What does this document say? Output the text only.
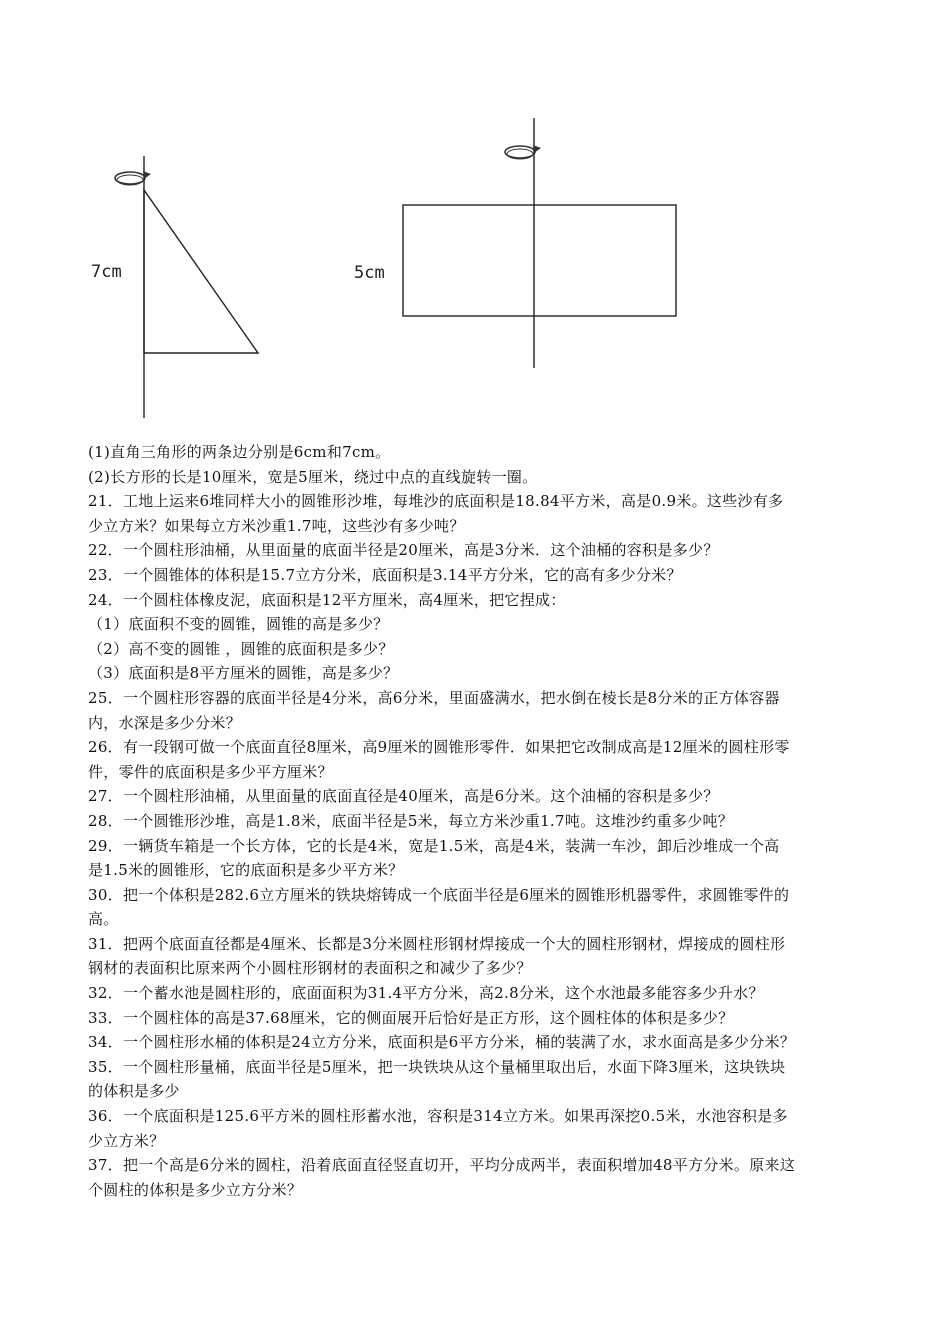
7cm	5cm

(1)直角三角形的两条边分别是6cm和7cm。

(2)长方形的长是10厘米，宽是5厘米，绕过中点的直线旋转一圈。

21．工地上运来6堆同样大小的圆锥形沙堆，每堆沙的底面积是18.84平方米，高是0.9米。这些沙有多

少立方米？如果每立方米沙重1.7吨，这些沙有多少吨？

22．一个圆柱形油桶，从里面量的底面半径是20厘米，高是3分米．这个油桶的容积是多少？

23．一个圆锥体的体积是15.7立方分米，底面积是3.14平方分米，它的高有多少分米？

24．一个圆柱体橡皮泥，底面积是12平方厘米，高4厘米，把它捏成：

（1）底面积不变的圆锥，圆锥的高是多少？

（2）高不变的圆锥 ，圆锥的底面积是多少？

（3）底面积是8平方厘米的圆锥，高是多少？

25．一个圆柱形容器的底面半径是4分米，高6分米，里面盛满水，把水倒在棱长是8分米的正方体容器

内，水深是多少分米？

26．有一段钢可做一个底面直径8厘米，高9厘米的圆锥形零件．如果把它改制成高是12厘米的圆柱形零

件，零件的底面积是多少平方厘米？

27．一个圆柱形油桶，从里面量的底面直径是40厘米，高是6分米。这个油桶的容积是多少？

28．一个圆锥形沙堆，高是1.8米，底面半径是5米，每立方米沙重1.7吨。这堆沙约重多少吨？

29．一辆货车箱是一个长方体，它的长是4米，宽是1.5米，高是4米，装满一车沙，卸后沙堆成一个高

是1.5米的圆锥形，它的底面积是多少平方米？

30．把一个体积是282.6立方厘米的铁块熔铸成一个底面半径是6厘米的圆锥形机器零件，求圆锥零件的

高。

31．把两个底面直径都是4厘米、长都是3分米圆柱形钢材焊接成一个大的圆柱形钢材，焊接成的圆柱形

钢材的表面积比原来两个小圆柱形钢材的表面积之和减少了多少？

32．一个蓄水池是圆柱形的，底面面积为31.4平方分米，高2.8分米，这个水池最多能容多少升水？

33．一个圆柱体的高是37.68厘米，它的侧面展开后恰好是正方形，这个圆柱体的体积是多少？

34．一个圆柱形水桶的体积是24立方分米，底面积是6平方分米，桶的装满了水，求水面高是多少分米？

35．一个圆柱形量桶，底面半径是5厘米，把一块铁块从这个量桶里取出后，水面下降3厘米，这块铁块

的体积是多少

36．一个底面积是125.6平方米的圆柱形蓄水池，容积是314立方米。如果再深挖0.5米，水池容积是多

少立方米？

37．把一个高是6分米的圆柱，沿着底面直径竖直切开，平均分成两半，表面积增加48平方分米。原来这

个圆柱的体积是多少立方分米？
